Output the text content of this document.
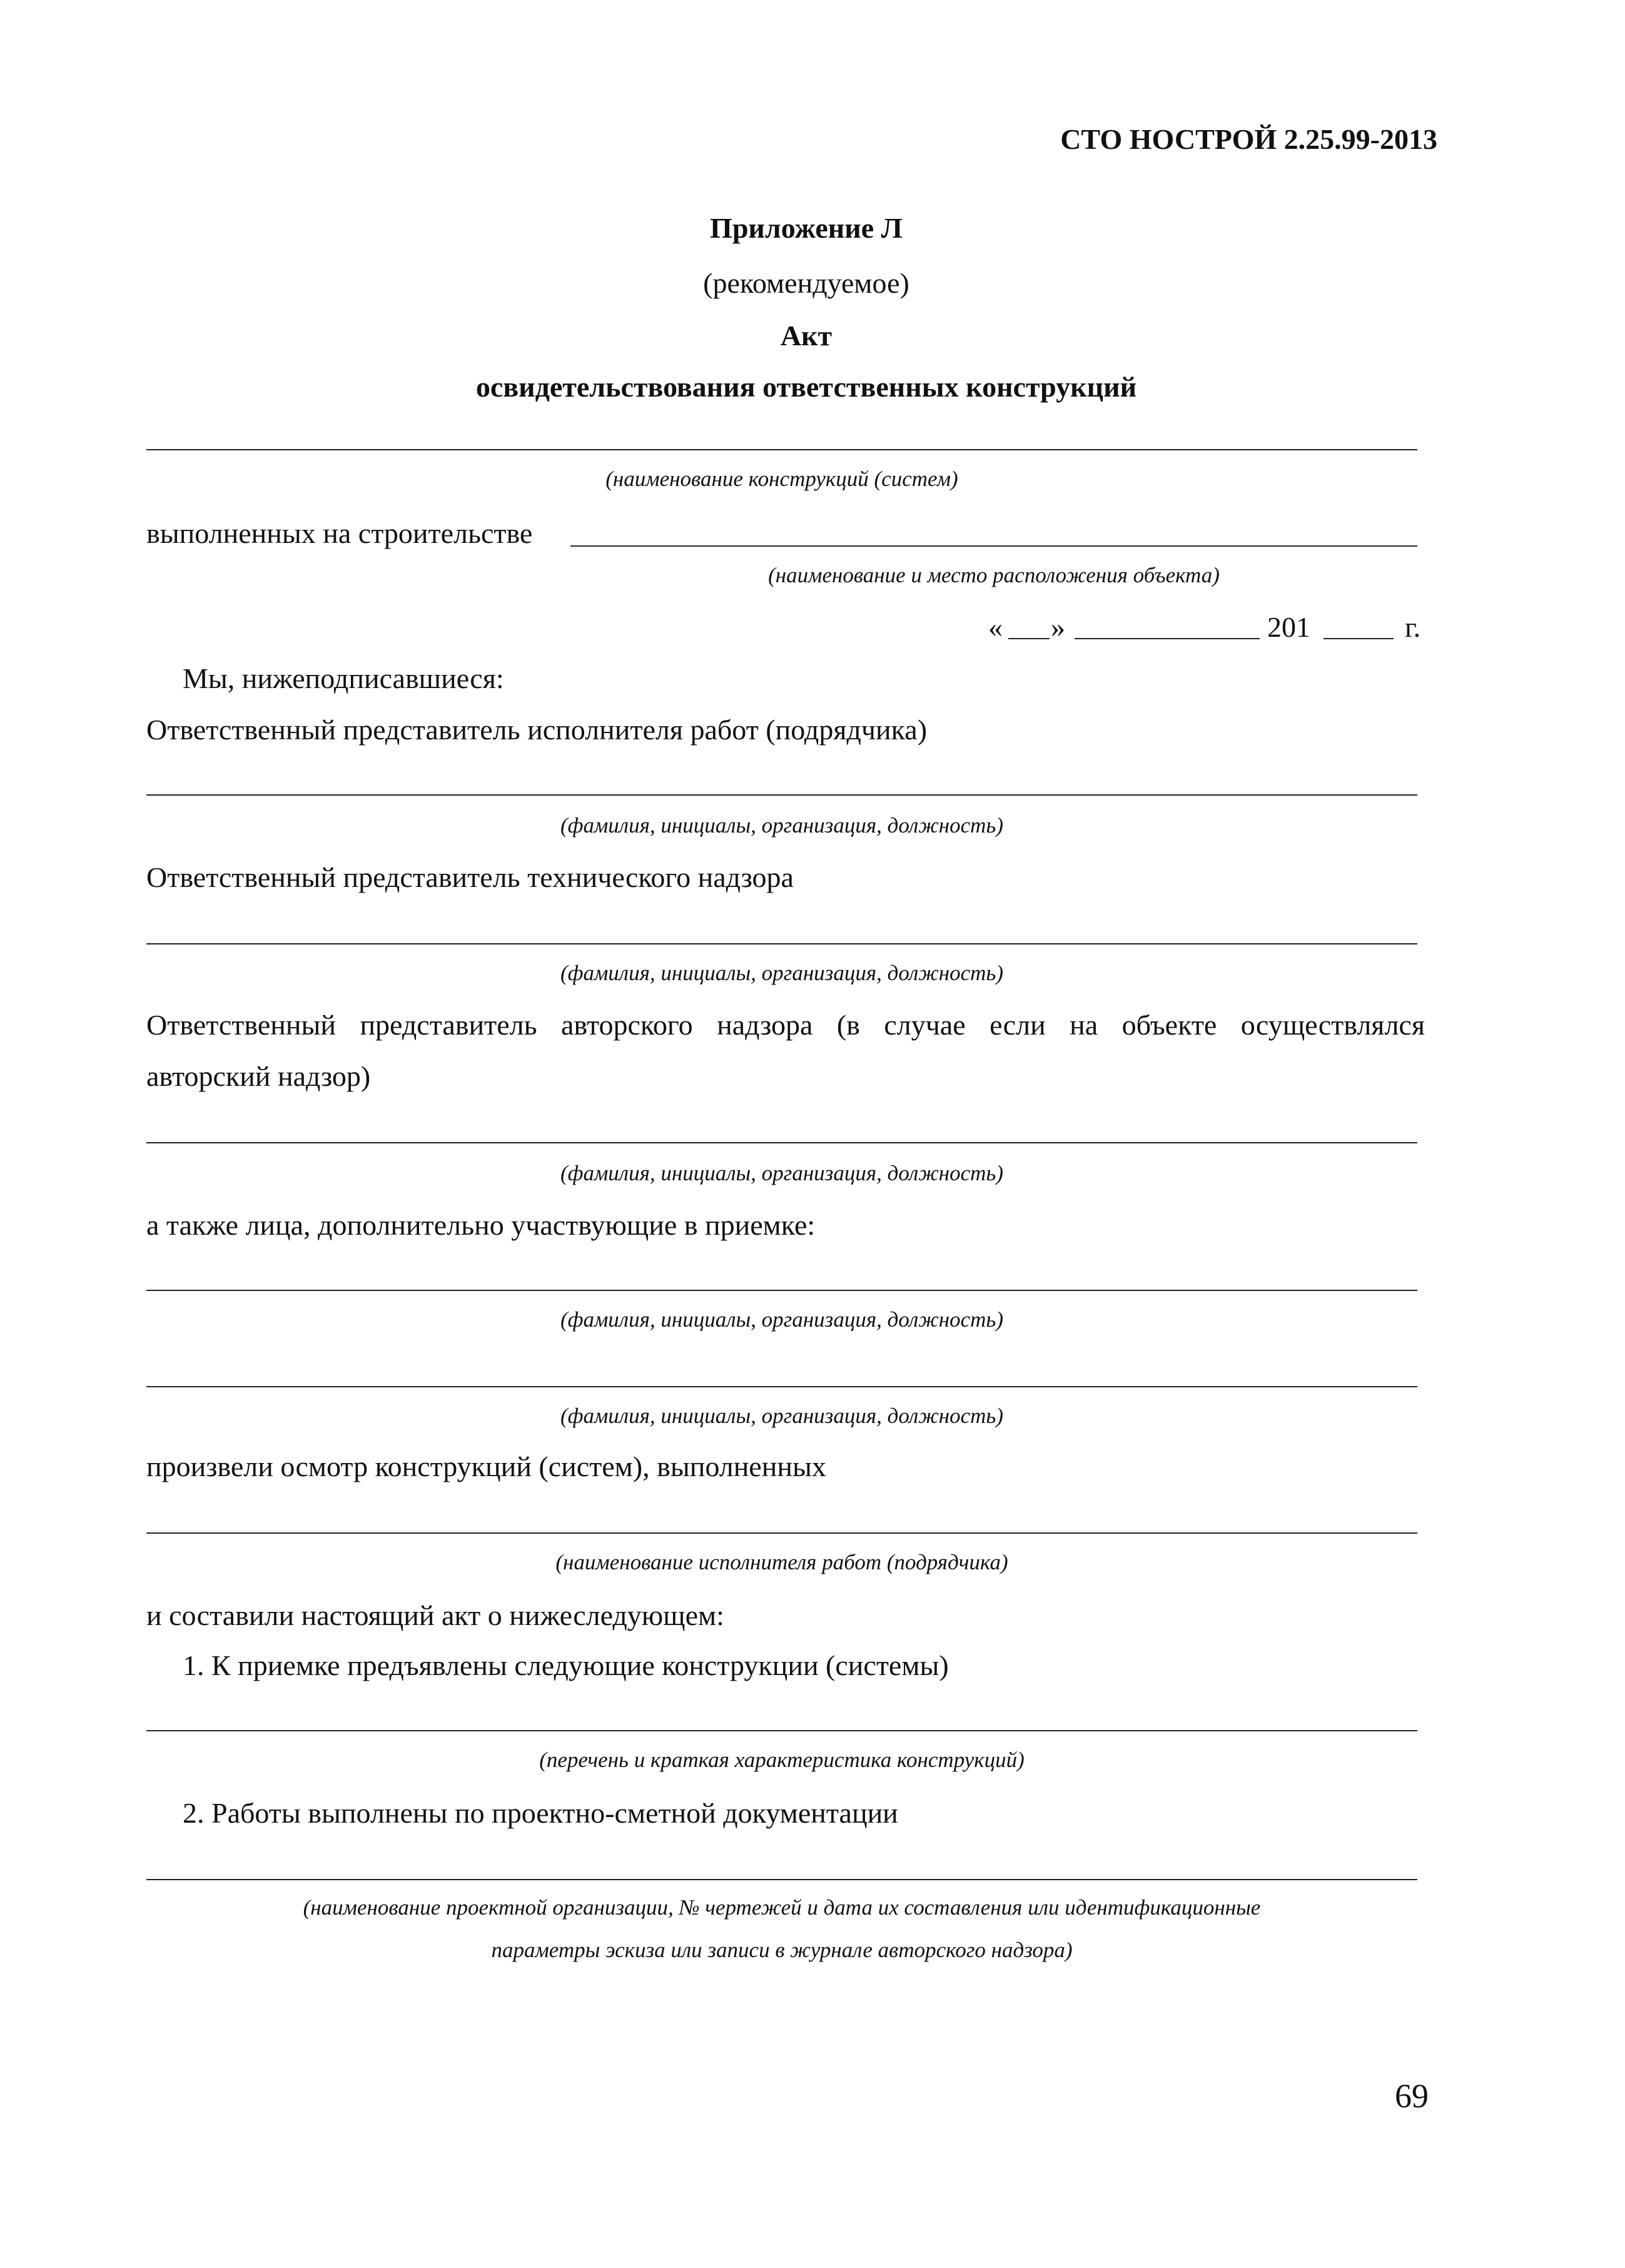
СТО НОСТРОЙ 2.25.99-2013
Приложение Л
(рекомендуемое)
Акт
освидетельствования ответственных конструкций
(наименование конструкций (систем)
выполненных на строительстве
(наименование и место расположения объекта)
« »	201	г.
Мы, нижеподписавшиеся:
Ответственный представитель исполнителя работ (подрядчика)
(фамилия, инициалы, организация, должность)
Ответственный представитель технического надзора
(фамилия, инициалы, организация, должность)
Ответственный представитель авторского надзора (в случае если на объекте осуществлялся
авторский надзор)
(фамилия, инициалы, организация, должность)
а также лица, дополнительно участвующие в приемке:
(фамилия, инициалы, организация, должность)
(фамилия, инициалы, организация, должность)
произвели осмотр конструкций (систем), выполненных
(наименование исполнителя работ (подрядчика)
и составили настоящий акт о нижеследующем:
1. К приемке предъявлены следующие конструкции (системы)
(перечень и краткая характеристика конструкций)
2. Работы выполнены по проектно-сметной документации
(наименование проектной организации, № чертежей и дата их составления или идентификационные
параметры эскиза или записи в журнале авторского надзора)
69
